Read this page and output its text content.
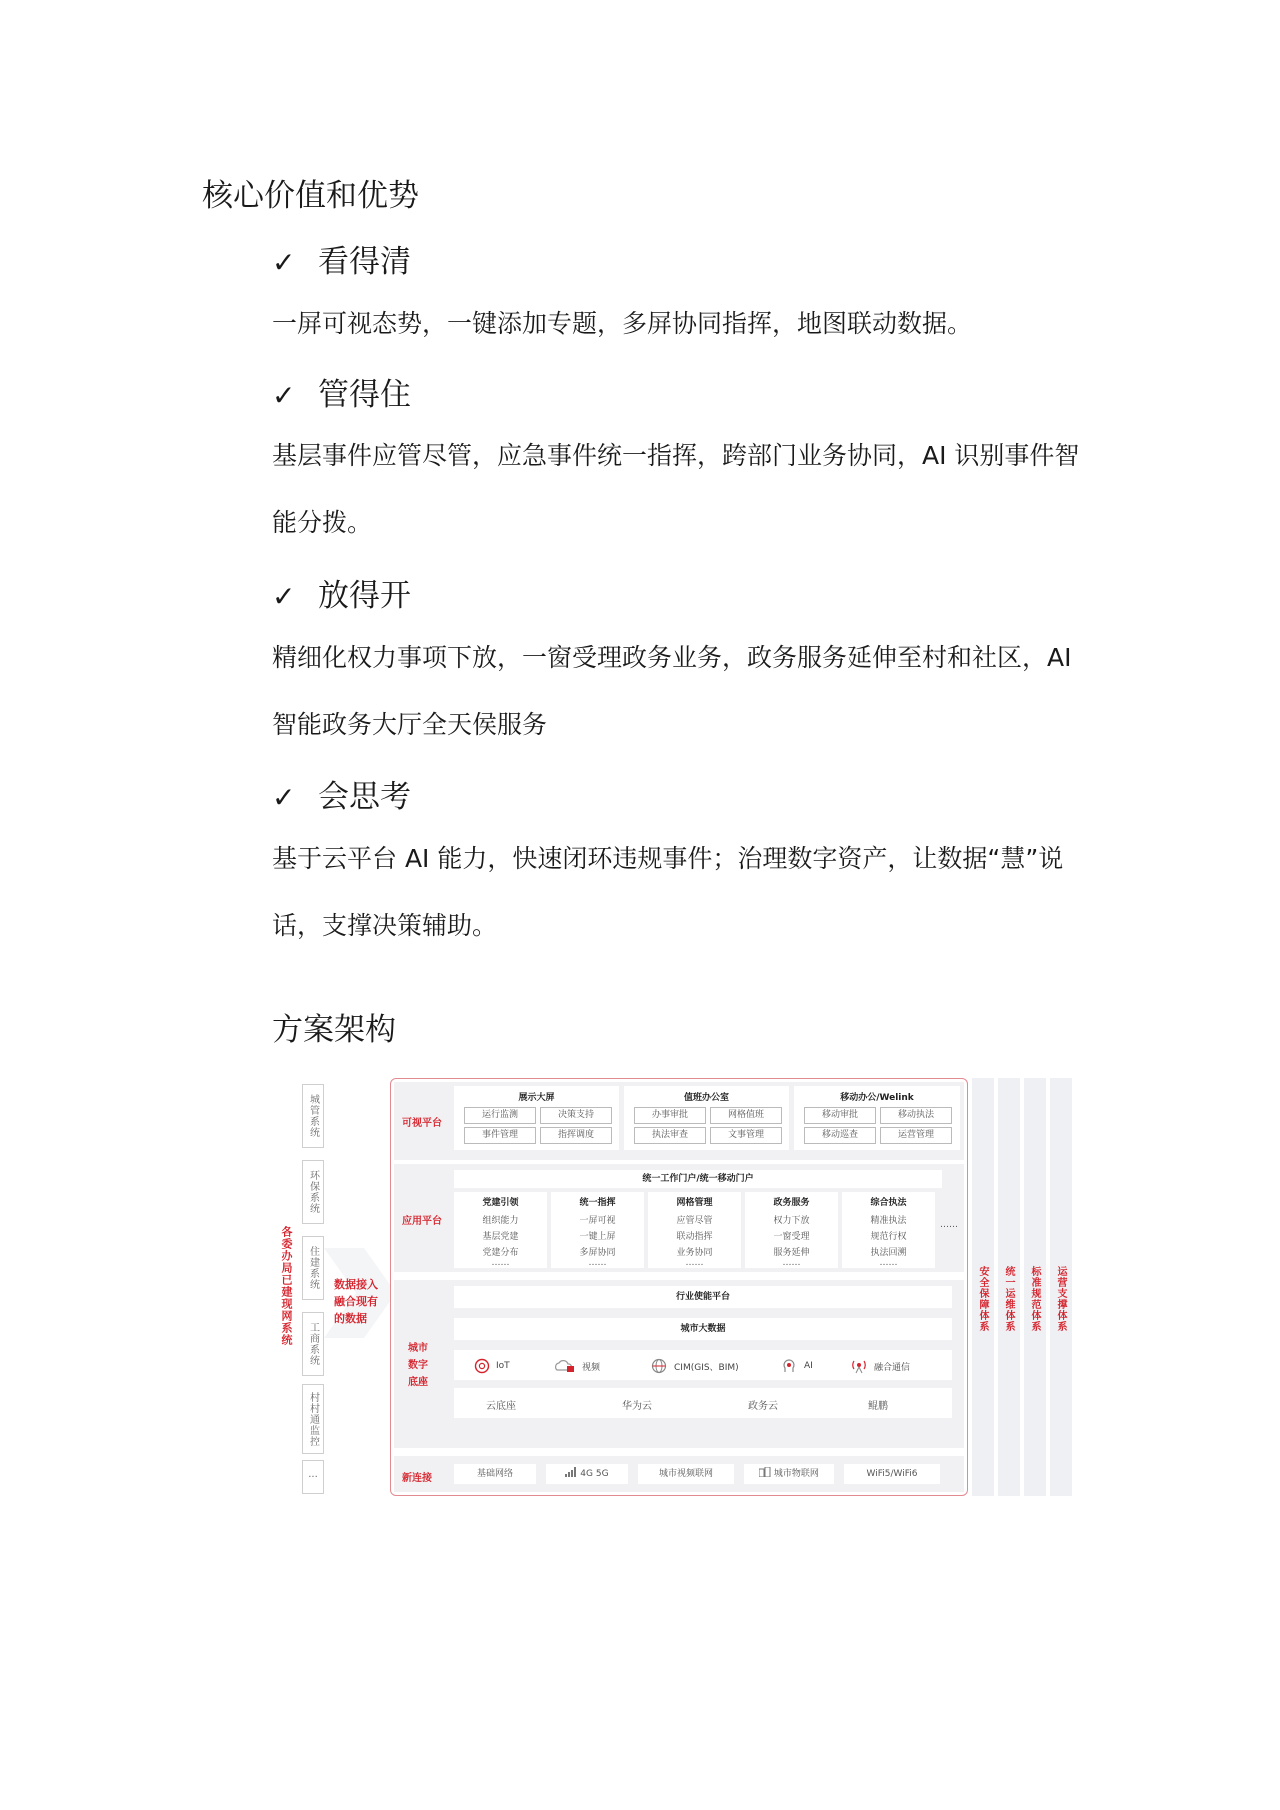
核心价值和优势
✓ 看得清
一屏可视态势，一键添加专题，多屏协同指挥，地图联动数据。
✓ 管得住
基层事件应管尽管，应急事件统一指挥，跨部门业务协同，AI 识别事件智
能分拨。
✓ 放得开
精细化权力事项下放，一窗受理政务业务，政务服务延伸至村和社区，AI
智能政务大厅全天侯服务
✓ 会思考
基于云平台 AI 能力，快速闭环违规事件；治理数字资产，让数据“慧”说
话，支撑决策辅助。
方案架构
各委办局已建现网系统
城管系统
环保系统
住建系统
工商系统
村村通监控
···
数据接入
融合现有
的数据
可视平台
展示大屏
运行监测	决策支持
事件管理	指挥调度
值班办公室
办事审批	网格值班
执法审查	文事管理
移动办公/Welink
移动审批	移动执法
移动巡查	运营管理
应用平台
统一工作门户/统一移动门户
党建引领
组织能力
基层党建
党建分布
……
统一指挥
一屏可视
一键上屏
多屏协同
……
网格管理
应管尽管
联动指挥
业务协同
……
政务服务
权力下放
一窗受理
服务延伸
……
综合执法
精准执法
规范行权
执法回溯
……
……
城市
数字
底座
行业使能平台
城市大数据
IoT	视频	CIM(GIS、BIM)	AI	融合通信
云底座	华为云	政务云	鲲鹏
新连接	基础网络	4G 5G	城市视频联网	城市物联网	WiFi5/WiFi6
安全保障体系 统一运维体系 标准规范体系 运营支撑体系
